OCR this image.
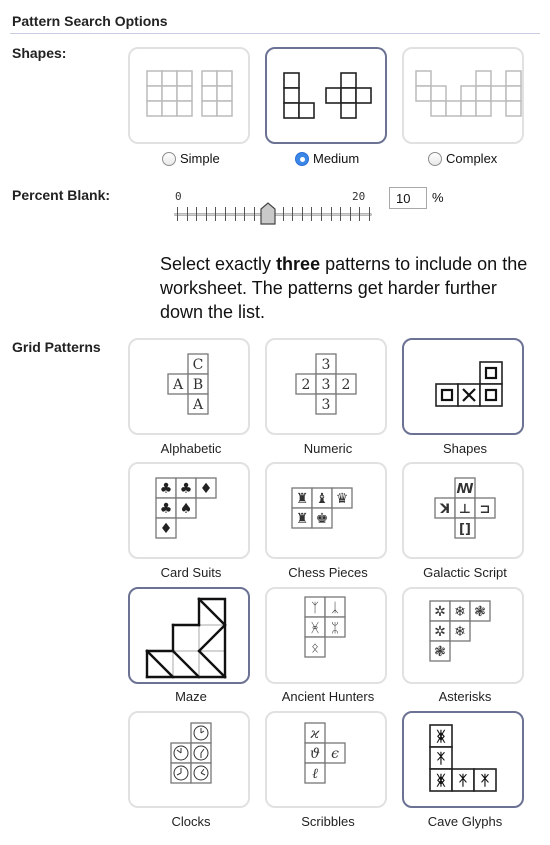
Pattern Search Options
Shapes:
Simple	Medium	Complex
Percent Blank:	0	20	10	%
Select exactly three patterns to include on the worksheet. The patterns get harder further down the list.
Grid Patterns
C
A B
A
3
2 3 2
3
Alphabetic	Numeric	Shapes
♣ ♣ ♦
♣ ♠
♦
♜ ♝ ♛
♜ ♚
ꟿ
ꓘ ⊥ ⊐
[]
Card Suits	Chess Pieces	Galactic Script
ᛉ ᛣ
ᚸ ᛯ
ᛟ
✲ ❄ ❃
✲ ❄
❃
Maze	Ancient Hunters	Asterisks
ϰ
ϑ ϵ
ℓ
ᛤ
ᛡ
ᛤ ᛡ ᛡ
Clocks	Scribbles	Cave Glyphs
